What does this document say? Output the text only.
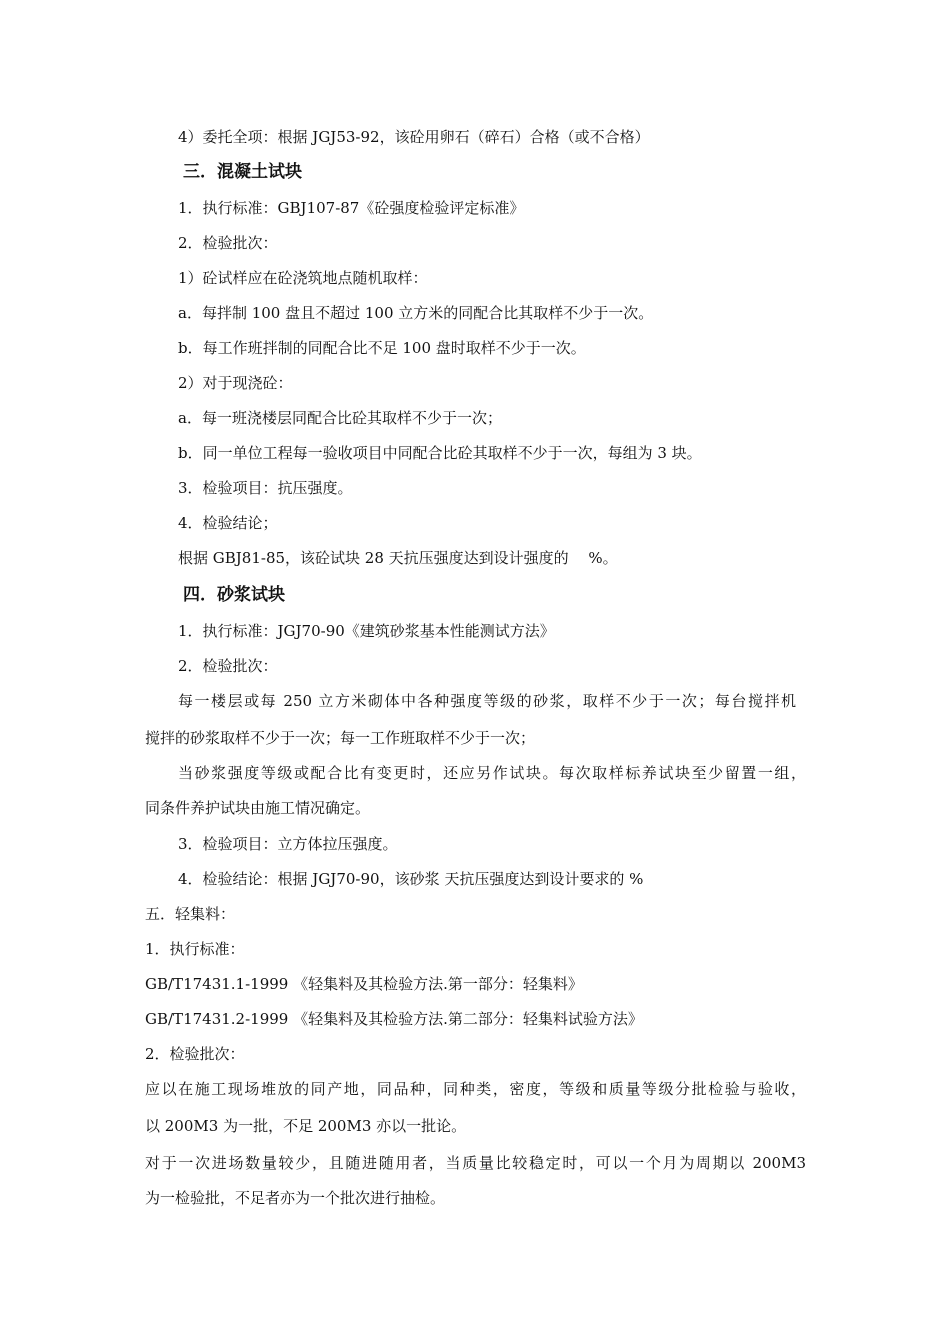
4）委托全项：根据 JGJ53-92，该砼用卵石（碎石）合格（或不合格）
三．混凝土试块
1．执行标准：GBJ107-87《砼强度检验评定标准》
2．检验批次：
1）砼试样应在砼浇筑地点随机取样：
a．每拌制 100 盘且不超过 100 立方米的同配合比其取样不少于一次。
b．每工作班拌制的同配合比不足 100 盘时取样不少于一次。
2）对于现浇砼：
a．每一班浇楼层同配合比砼其取样不少于一次；
b．同一单位工程每一验收项目中同配合比砼其取样不少于一次，每组为 3 块。
3．检验项目：抗压强度。
4．检验结论；
根据 GBJ81-85，该砼试块 28 天抗压强度达到设计强度的　 %。
四．砂浆试块
1．执行标准：JGJ70-90《建筑砂浆基本性能测试方法》
2．检验批次：
每一楼层或每 250 立方米砌体中各种强度等级的砂浆，取样不少于一次；每台搅拌机
搅拌的砂浆取样不少于一次；每一工作班取样不少于一次；
当砂浆强度等级或配合比有变更时，还应另作试块。每次取样标养试块至少留置一组，
同条件养护试块由施工情况确定。
3．检验项目：立方体拉压强度。
4．检验结论：根据 JGJ70-90，该砂浆 天抗压强度达到设计要求的 %
五．轻集料：
1．执行标准：
GB/T17431.1-1999 《轻集料及其检验方法.第一部分：轻集料》
GB/T17431.2-1999 《轻集料及其检验方法.第二部分：轻集料试验方法》
2．检验批次：
应以在施工现场堆放的同产地，同品种，同种类，密度，等级和质量等级分批检验与验收，
以 200M3 为一批，不足 200M3 亦以一批论。
对于一次进场数量较少，且随进随用者，当质量比较稳定时，可以一个月为周期以 200M3
为一检验批，不足者亦为一个批次进行抽检。
